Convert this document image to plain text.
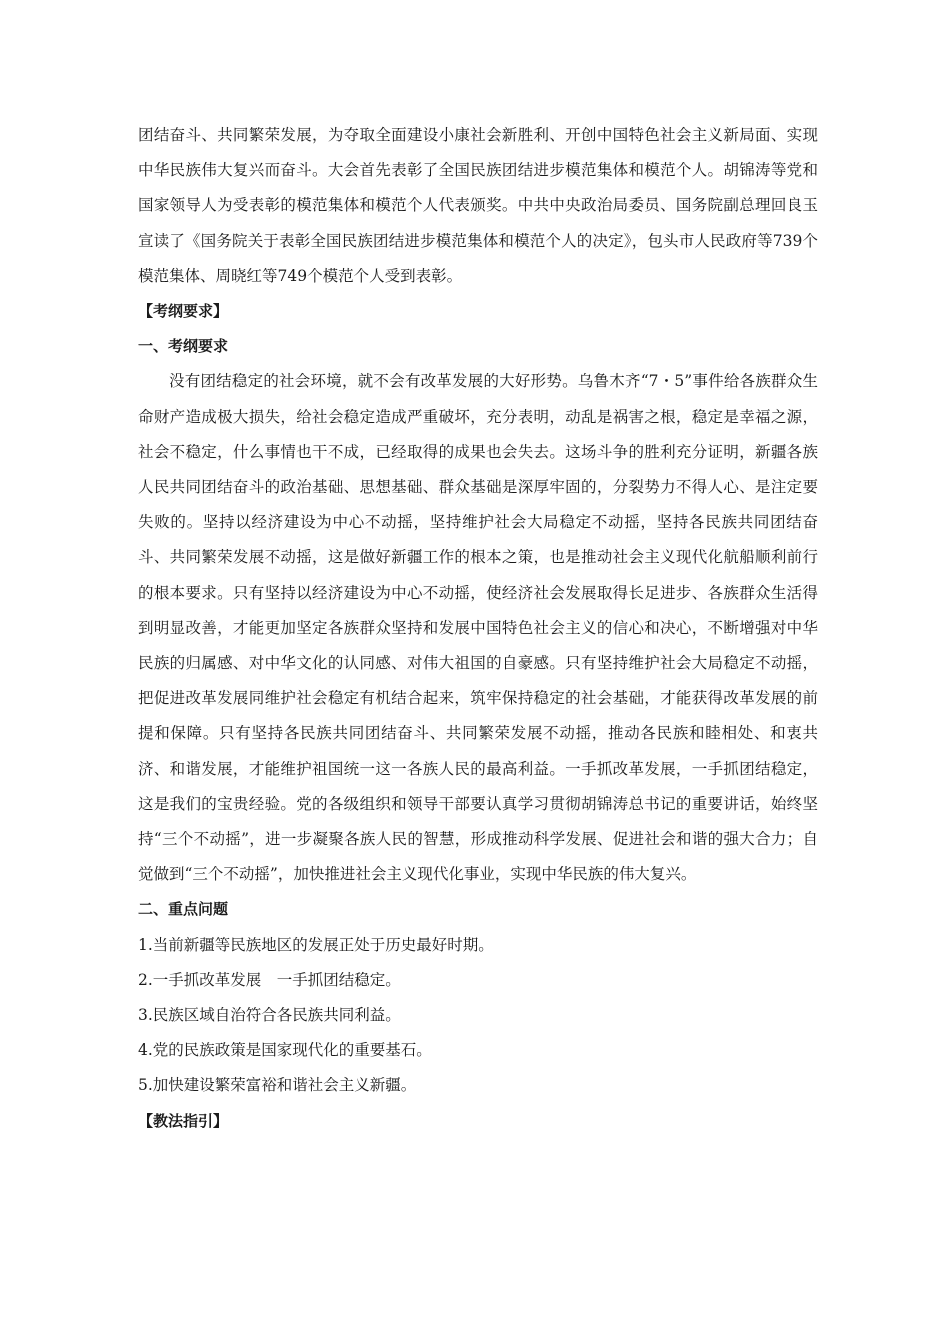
团结奋斗、共同繁荣发展，为夺取全面建设小康社会新胜利、开创中国特色社会主义新局面、实现中华民族伟大复兴而奋斗。大会首先表彰了全国民族团结进步模范集体和模范个人。胡锦涛等党和国家领导人为受表彰的模范集体和模范个人代表颁奖。中共中央政治局委员、国务院副总理回良玉宣读了《国务院关于表彰全国民族团结进步模范集体和模范个人的决定》，包头市人民政府等739个模范集体、周晓红等749个模范个人受到表彰。

【考纲要求】

一、考纲要求

没有团结稳定的社会环境，就不会有改革发展的大好形势。乌鲁木齐“7・5”事件给各族群众生命财产造成极大损失，给社会稳定造成严重破坏，充分表明，动乱是祸害之根，稳定是幸福之源，社会不稳定，什么事情也干不成，已经取得的成果也会失去。这场斗争的胜利充分证明，新疆各族人民共同团结奋斗的政治基础、思想基础、群众基础是深厚牢固的，分裂势力不得人心、是注定要失败的。坚持以经济建设为中心不动摇，坚持维护社会大局稳定不动摇，坚持各民族共同团结奋斗、共同繁荣发展不动摇，这是做好新疆工作的根本之策，也是推动社会主义现代化航船顺利前行的根本要求。只有坚持以经济建设为中心不动摇，使经济社会发展取得长足进步、各族群众生活得到明显改善，才能更加坚定各族群众坚持和发展中国特色社会主义的信心和决心，不断增强对中华民族的归属感、对中华文化的认同感、对伟大祖国的自豪感。只有坚持维护社会大局稳定不动摇，把促进改革发展同维护社会稳定有机结合起来，筑牢保持稳定的社会基础，才能获得改革发展的前提和保障。只有坚持各民族共同团结奋斗、共同繁荣发展不动摇，推动各民族和睦相处、和衷共济、和谐发展，才能维护祖国统一这一各族人民的最高利益。一手抓改革发展，一手抓团结稳定，这是我们的宝贵经验。党的各级组织和领导干部要认真学习贯彻胡锦涛总书记的重要讲话，始终坚持“三个不动摇”，进一步凝聚各族人民的智慧，形成推动科学发展、促进社会和谐的强大合力；自觉做到“三个不动摇”，加快推进社会主义现代化事业，实现中华民族的伟大复兴。

二、重点问题

1.当前新疆等民族地区的发展正处于历史最好时期。

2.一手抓改革发展　一手抓团结稳定。

3.民族区域自治符合各民族共同利益。

4.党的民族政策是国家现代化的重要基石。

5.加快建设繁荣富裕和谐社会主义新疆。

【教法指引】
